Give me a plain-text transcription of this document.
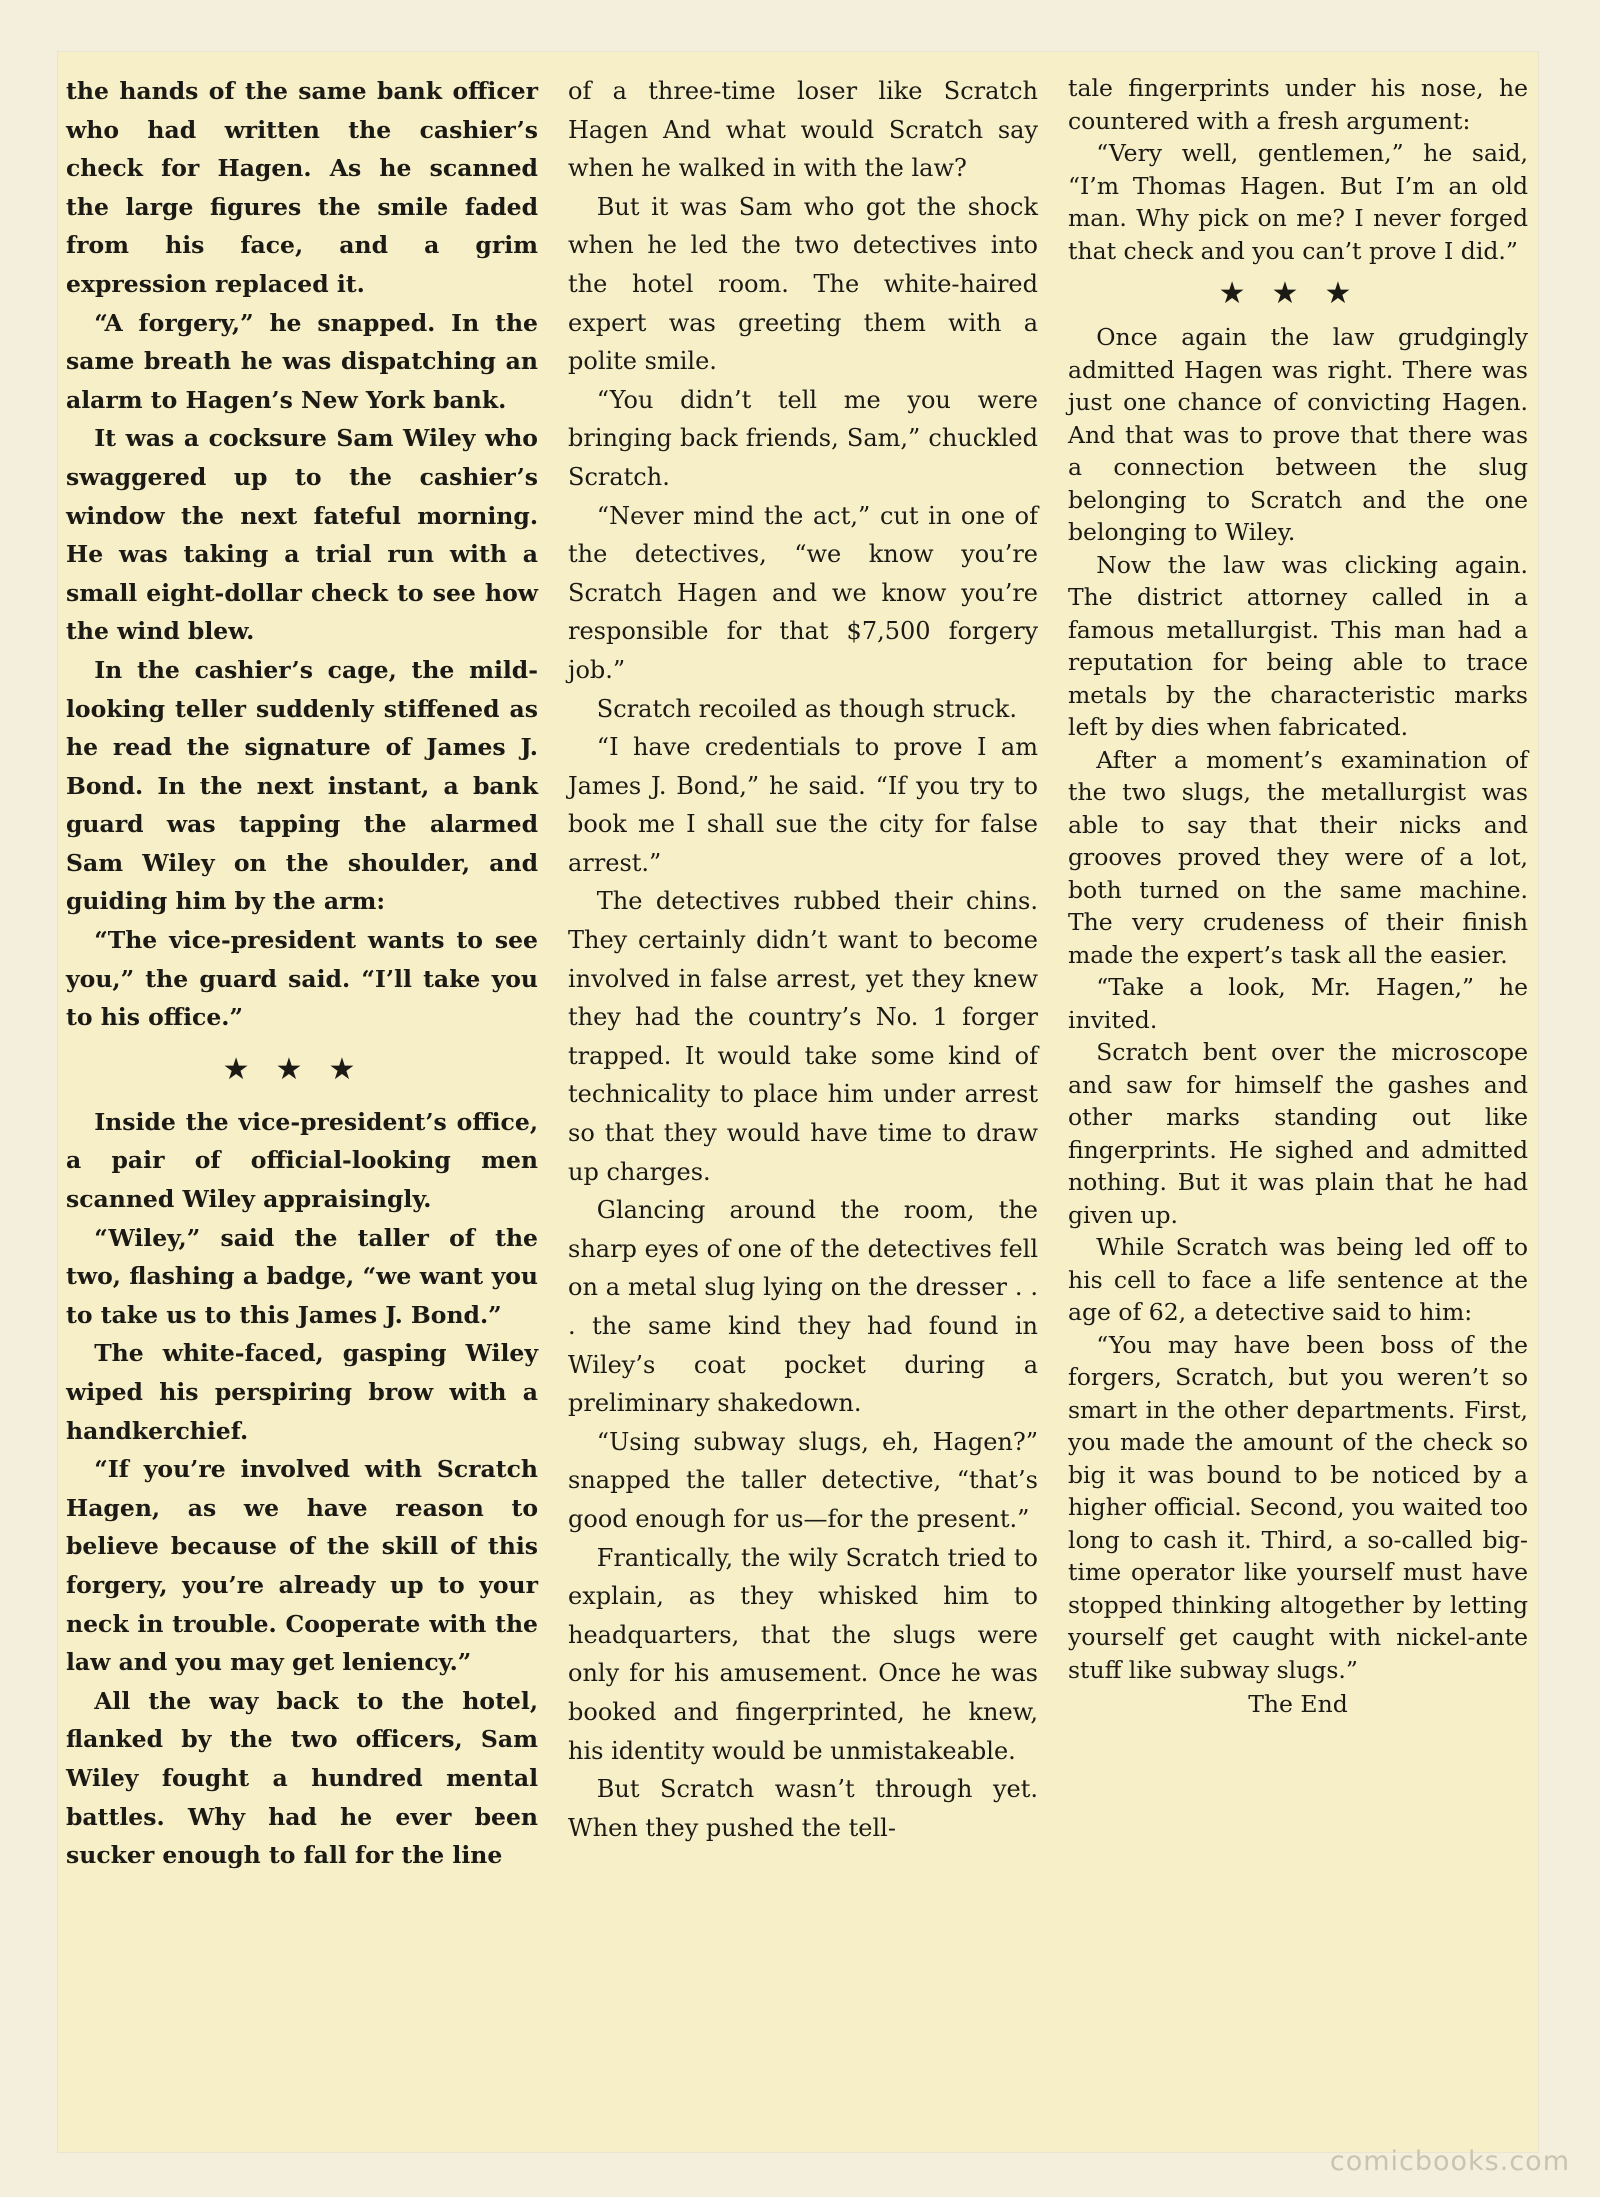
the hands of the same bank officer who had written the cashier’s check for Hagen. As he scanned the large figures the smile faded from his face, and a grim expression replaced it.

“A forgery,” he snapped. In the same breath he was dispatching an alarm to Hagen’s New York bank.

It was a cocksure Sam Wiley who swaggered up to the cashier’s window the next fateful morning. He was taking a trial run with a small eight-dollar check to see how the wind blew.

In the cashier’s cage, the mild-looking teller suddenly stiffened as he read the signature of James J. Bond. In the next instant, a bank guard was tapping the alarmed Sam Wiley on the shoulder, and guiding him by the arm:

“The vice-president wants to see you,” the guard said. “I’ll take you to his office.”

★★★

Inside the vice-president’s office, a pair of official-looking men scanned Wiley appraisingly.

“Wiley,” said the taller of the two, flashing a badge, “we want you to take us to this James J. Bond.”

The white-faced, gasping Wiley wiped his perspiring brow with a handkerchief.

“If you’re involved with Scratch Hagen, as we have reason to believe because of the skill of this forgery, you’re already up to your neck in trouble. Cooperate with the law and you may get leniency.”

All the way back to the hotel, flanked by the two officers, Sam Wiley fought a hundred mental battles. Why had he ever been sucker enough to fall for the line

of a three-time loser like Scratch Hagen And what would Scratch say when he walked in with the law?

But it was Sam who got the shock when he led the two detectives into the hotel room. The white-haired expert was greeting them with a polite smile.

“You didn’t tell me you were bringing back friends, Sam,” chuckled Scratch.

“Never mind the act,” cut in one of the detectives, “we know you’re Scratch Hagen and we know you’re responsible for that $7,500 forgery job.”

Scratch recoiled as though struck.

“I have credentials to prove I am James J. Bond,” he said. “If you try to book me I shall sue the city for false arrest.”

The detectives rubbed their chins. They certainly didn’t want to become involved in false arrest, yet they knew they had the country’s No. 1 forger trapped. It would take some kind of technicality to place him under arrest so that they would have time to draw up charges.

Glancing around the room, the sharp eyes of one of the detectives fell on a metal slug lying on the dresser . . . the same kind they had found in Wiley’s coat pocket during a preliminary shakedown.

“Using subway slugs, eh, Hagen?” snapped the taller detective, “that’s good enough for us—for the present.”

Frantically, the wily Scratch tried to explain, as they whisked him to headquarters, that the slugs were only for his amusement. Once he was booked and fingerprinted, he knew, his identity would be unmistakeable.

But Scratch wasn’t through yet. When they pushed the tell-

tale fingerprints under his nose, he countered with a fresh argument:

“Very well, gentlemen,” he said, “I’m Thomas Hagen. But I’m an old man. Why pick on me? I never forged that check and you can’t prove I did.”

★★★

Once again the law grudgingly admitted Hagen was right. There was just one chance of convicting Hagen. And that was to prove that there was a connection between the slug belonging to Scratch and the one belonging to Wiley.

Now the law was clicking again. The district attorney called in a famous metallurgist. This man had a reputation for being able to trace metals by the characteristic marks left by dies when fabricated.

After a moment’s examination of the two slugs, the metallurgist was able to say that their nicks and grooves proved they were of a lot, both turned on the same machine. The very crudeness of their finish made the expert’s task all the easier.

“Take a look, Mr. Hagen,” he invited.

Scratch bent over the microscope and saw for himself the gashes and other marks standing out like fingerprints. He sighed and admitted nothing. But it was plain that he had given up.

While Scratch was being led off to his cell to face a life sentence at the age of 62, a detective said to him:

“You may have been boss of the forgers, Scratch, but you weren’t so smart in the other departments. First, you made the amount of the check so big it was bound to be noticed by a higher official. Second, you waited too long to cash it. Third, a so-called big-time operator like yourself must have stopped thinking altogether by letting yourself get caught with nickel-ante stuff like subway slugs.”

The End
comicbooks.com
